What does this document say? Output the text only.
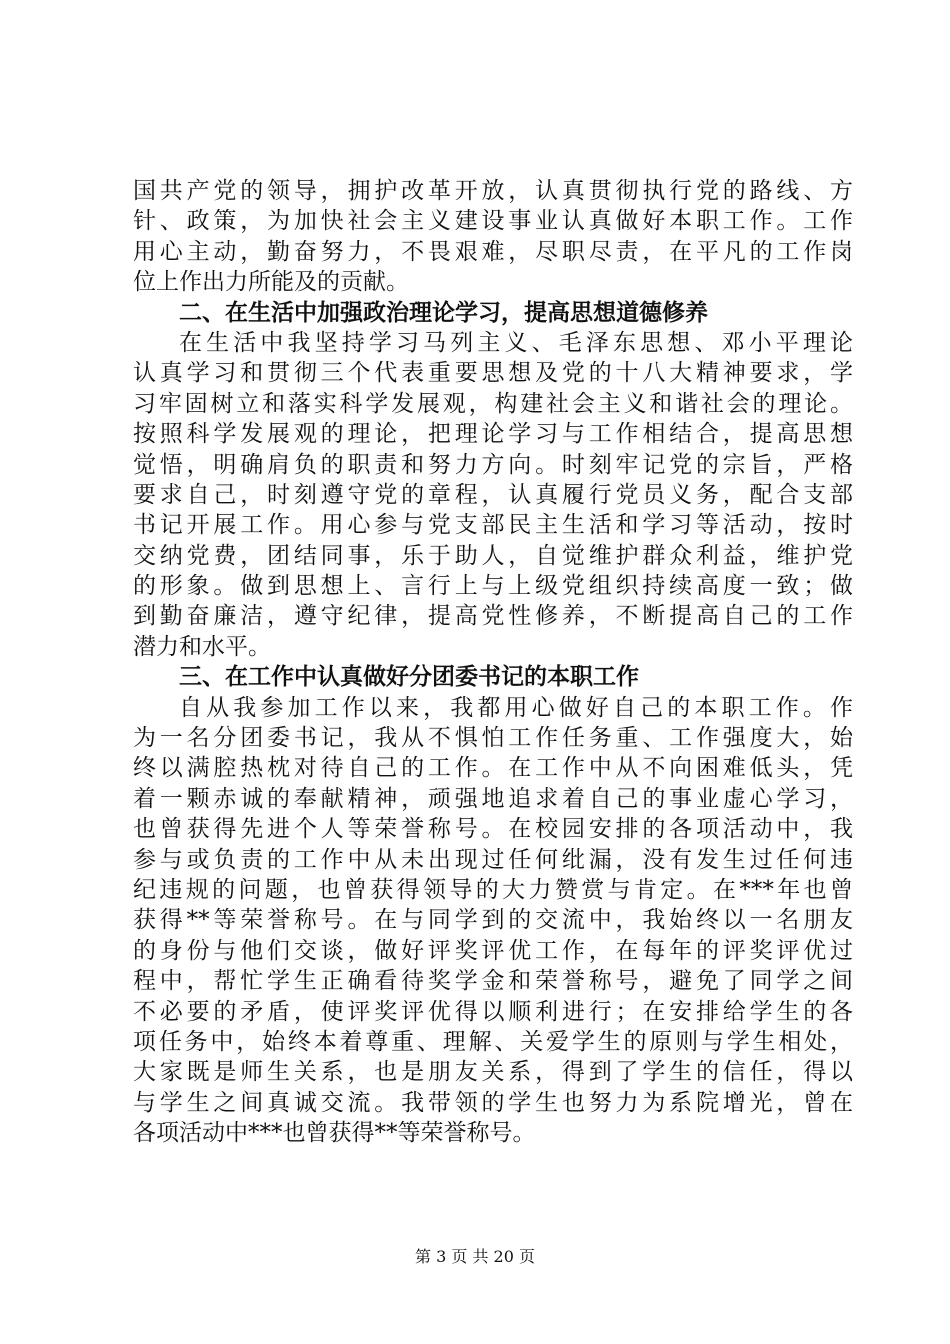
国共产党的领导，拥护改革开放，认真贯彻执行党的路线、方
针、政策，为加快社会主义建设事业认真做好本职工作。工作
用心主动，勤奋努力，不畏艰难，尽职尽责，在平凡的工作岗
位上作出力所能及的贡献。
二、在生活中加强政治理论学习，提高思想道德修养
在生活中我坚持学习马列主义、毛泽东思想、邓小平理论
认真学习和贯彻三个代表重要思想及党的十八大精神要求，学
习牢固树立和落实科学发展观，构建社会主义和谐社会的理论。
按照科学发展观的理论，把理论学习与工作相结合，提高思想
觉悟，明确肩负的职责和努力方向。时刻牢记党的宗旨，严格
要求自己，时刻遵守党的章程，认真履行党员义务，配合支部
书记开展工作。用心参与党支部民主生活和学习等活动，按时
交纳党费，团结同事，乐于助人，自觉维护群众利益，维护党
的形象。做到思想上、言行上与上级党组织持续高度一致；做
到勤奋廉洁，遵守纪律，提高党性修养，不断提高自己的工作
潜力和水平。
三、在工作中认真做好分团委书记的本职工作
自从我参加工作以来，我都用心做好自己的本职工作。作
为一名分团委书记，我从不惧怕工作任务重、工作强度大，始
终以满腔热枕对待自己的工作。在工作中从不向困难低头，凭
着一颗赤诚的奉献精神，顽强地追求着自己的事业虚心学习，
也曾获得先进个人等荣誉称号。在校园安排的各项活动中，我
参与或负责的工作中从未出现过任何纰漏，没有发生过任何违
纪违规的问题，也曾获得领导的大力赞赏与肯定。在***年也曾
获得**等荣誉称号。在与同学到的交流中，我始终以一名朋友
的身份与他们交谈，做好评奖评优工作，在每年的评奖评优过
程中，帮忙学生正确看待奖学金和荣誉称号，避免了同学之间
不必要的矛盾，使评奖评优得以顺利进行；在安排给学生的各
项任务中，始终本着尊重、理解、关爱学生的原则与学生相处，
大家既是师生关系，也是朋友关系，得到了学生的信任，得以
与学生之间真诚交流。我带领的学生也努力为系院增光，曾在
各项活动中***也曾获得**等荣誉称号。
第 3 页 共 20 页
